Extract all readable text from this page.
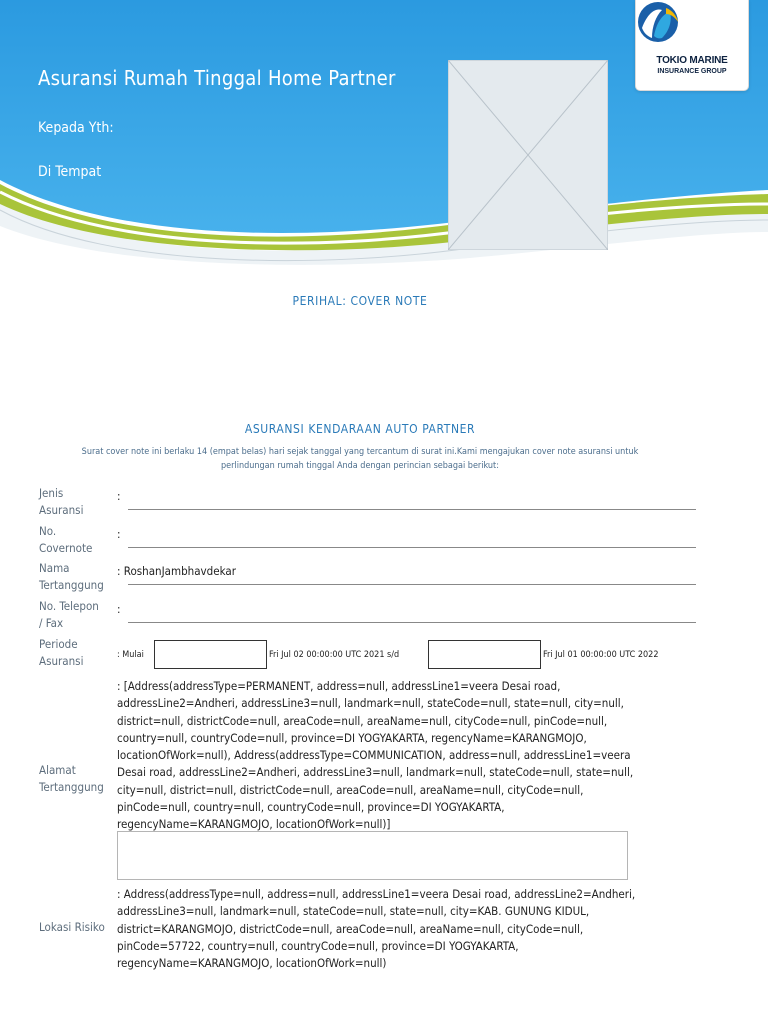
Asuransi Rumah Tinggal Home Partner
Kepada Yth:
Di Tempat
TOKIO MARINE
INSURANCE GROUP
PERIHAL: COVER NOTE
ASURANSI KENDARAAN AUTO PARTNER
Surat cover note ini berlaku 14 (empat belas) hari sejak tanggal yang tercantum di surat ini.Kami mengajukan cover note asuransi untuk
perlindungan rumah tinggal Anda dengan perincian sebagai berikut:
Jenis
Asuransi
:
No.
Covernote
:
Nama
Tertanggung
: RoshanJambhavdekar
No. Telepon
/ Fax
:
Periode
Asuransi	: Mulai	Fri Jul 02 00:00:00 UTC 2021 s/d	Fri Jul 01 00:00:00 UTC 2022
Alamat
Tertanggung
: [Address(addressType=PERMANENT, address=null, addressLine1=veera Desai road,
addressLine2=Andheri, addressLine3=null, landmark=null, stateCode=null, state=null, city=null,
district=null, districtCode=null, areaCode=null, areaName=null, cityCode=null, pinCode=null,
country=null, countryCode=null, province=DI YOGYAKARTA, regencyName=KARANGMOJO,
locationOfWork=null), Address(addressType=COMMUNICATION, address=null, addressLine1=veera
Desai road, addressLine2=Andheri, addressLine3=null, landmark=null, stateCode=null, state=null,
city=null, district=null, districtCode=null, areaCode=null, areaName=null, cityCode=null,
pinCode=null, country=null, countryCode=null, province=DI YOGYAKARTA,
regencyName=KARANGMOJO, locationOfWork=null)]
Lokasi Risiko
: Address(addressType=null, address=null, addressLine1=veera Desai road, addressLine2=Andheri,
addressLine3=null, landmark=null, stateCode=null, state=null, city=KAB. GUNUNG KIDUL,
district=KARANGMOJO, districtCode=null, areaCode=null, areaName=null, cityCode=null,
pinCode=57722, country=null, countryCode=null, province=DI YOGYAKARTA,
regencyName=KARANGMOJO, locationOfWork=null)
